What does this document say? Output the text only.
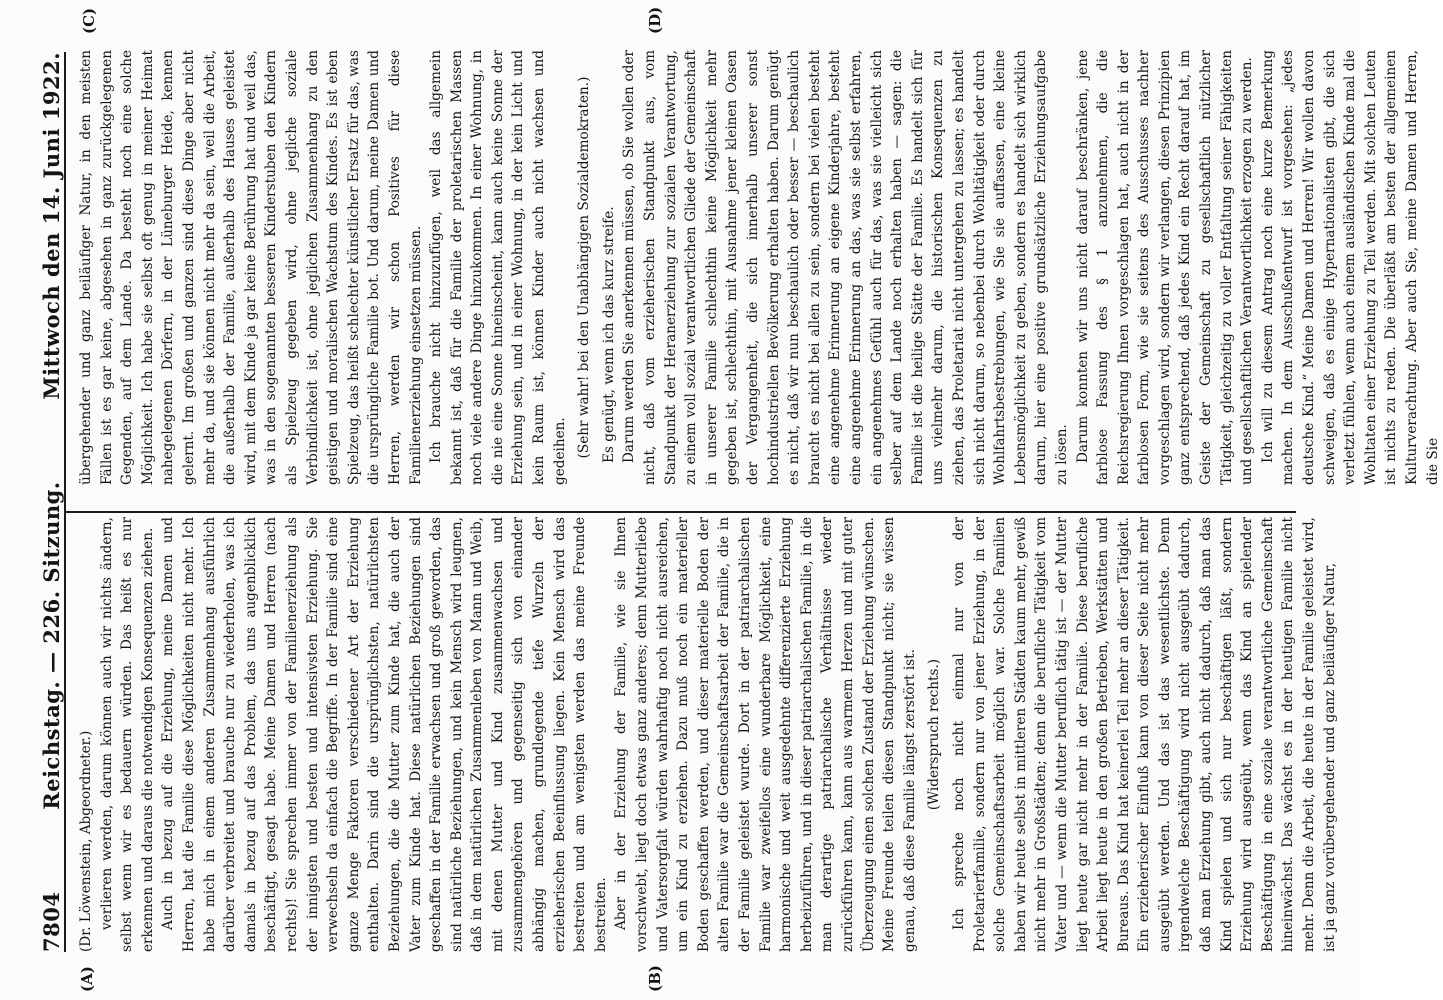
7804
Reichstag. — 226. Sitzung.
Mittwoch den 14. Juni 1922.
(A)	(B)
(C)	(D)

(Dr. Löwenstein, Abgeordneter.) verlieren werden, darum können auch wir nichts ändern, selbst wenn wir es bedauern würden. Das heißt es nur erkennen und daraus die notwendigen Konsequenzen ziehen. Auch in bezug auf die Erziehung, meine Damen und Herren, hat die Familie diese Möglichkeiten nicht mehr. Ich habe mich in einem anderen Zusammenhang ausführlich darüber verbreitet und brauche nur zu wiederholen, was ich damals in bezug auf das Problem, das uns augenblicklich beschäftigt, gesagt habe. Meine Damen und Herren (nach rechts)! Sie sprechen immer von der Familienerziehung als der innigsten und besten und intensivsten Erziehung. Sie verwechseln da einfach die Begriffe. In der Familie sind eine ganze Menge Faktoren verschiedener Art der Erziehung enthalten. Darin sind die ursprünglichsten, natürlichsten Beziehungen, die die Mutter zum Kinde hat, die auch der Vater zum Kinde hat. Diese natürlichen Beziehungen sind geschaffen in der Familie erwachsen und groß geworden, das sind natürliche Beziehungen, und kein Mensch wird leugnen, daß in dem natürlichen Zusammenleben von Mann und Weib, mit denen Mutter und Kind zusammenwachsen und zusammengehören und gegenseitig sich von einander abhängig machen, grundlegende tiefe Wurzeln der erzieherischen Beeinflussung liegen. Kein Mensch wird das bestreiten und am wenigsten werden das meine Freunde bestreiten. Aber in der Erziehung der Familie, wie sie Ihnen vorschwebt, liegt doch etwas ganz anderes; denn Mutterliebe und Vatersorgfalt würden wahrhaftig noch nicht ausreichen, um ein Kind zu erziehen. Dazu muß noch ein materieller Boden geschaffen werden, und dieser materielle Boden der alten Familie war die Gemeinschaftsarbeit der Familie, die in der Familie geleistet wurde. Dort in der patriarchalischen Familie war zweifellos eine wunderbare Möglichkeit, eine harmonische und weit ausgedehnte differenzierte Erziehung herbeizuführen, und in dieser patriarchalischen Familie, in die man derartige patriarchalische Verhältnisse wieder zurückführen kann, kann aus warmem Herzen und mit guter Überzeugung einen solchen Zustand der Erziehung wünschen. Meine Freunde teilen diesen Standpunkt nicht; sie wissen genau, daß diese Familie längst zerstört ist. (Widerspruch rechts.) Ich spreche noch nicht einmal nur von der Proletarierfamilie, sondern nur von jener Erziehung, in der solche Gemeinschaftsarbeit möglich war. Solche Familien haben wir heute selbst in mittleren Städten kaum mehr, gewiß nicht mehr in Großstädten; denn die berufliche Tätigkeit vom Vater und — wenn die Mutter beruflich tätig ist — der Mutter liegt heute gar nicht mehr in der Familie. Diese berufliche Arbeit liegt heute in den großen Betrieben, Werkstätten und Bureaus. Das Kind hat keinerlei Teil mehr an dieser Tätigkeit. Ein erzieherischer Einfluß kann von dieser Seite nicht mehr ausgeübt werden. Und das ist das wesentlichste. Denn irgendwelche Beschäftigung wird nicht ausgeübt dadurch, daß man Erziehung gibt, auch nicht dadurch, daß man das Kind spielen und sich nur beschäftigen läßt, sondern Erziehung wird ausgeübt, wenn das Kind an spielender Beschäftigung in eine soziale verantwortliche Gemeinschaft hineinwächst. Das wächst es in der heutigen Familie nicht mehr. Denn die Arbeit, die heute in der Familie geleistet wird, ist ja ganz vorübergehender und ganz beiläufiger Natur,

übergehender und ganz beiläufiger Natur, in den meisten Fällen ist es gar keine, abgesehen in ganz zurückgelegenen Gegenden, auf dem Lande. Da besteht noch eine solche Möglichkeit. Ich habe sie selbst oft genug in meiner Heimat nahegelegenen Dörfern, in der Lüneburger Heide, kennen gelernt. Im großen und ganzen sind diese Dinge aber nicht mehr da, und sie können nicht mehr da sein, weil die Arbeit, die außerhalb der Familie, außerhalb des Hauses geleistet wird, mit dem Kinde ja gar keine Berührung hat und weil das, was in den sogenannten besseren Kinderstuben den Kindern als Spielzeug gegeben wird, ohne jegliche soziale Verbindlichkeit ist, ohne jeglichen Zusammenhang zu den geistigen und moralischen Wachstum des Kindes. Es ist eben Spielzeug, das heißt schlechter künstlicher Ersatz für das, was die ursprüngliche Familie bot. Und darum, meine Damen und Herren, werden wir schon Positives für diese Familienerziehung einsetzen müssen. Ich brauche nicht hinzuzufügen, weil das allgemein bekannt ist, daß für die Familie der proletarischen Massen noch viele andere Dinge hinzukommen. In einer Wohnung, in die nie eine Sonne hineinscheint, kann auch keine Sonne der Erziehung sein, und in einer Wohnung, in der kein Licht und kein Raum ist, können Kinder auch nicht wachsen und gedeihen. (Sehr wahr! bei den Unabhängigen Sozialdemokraten.) Es genügt, wenn ich das kurz streife. Darum werden Sie anerkennen müssen, ob Sie wollen oder nicht, daß vom erzieherischen Standpunkt aus, vom Standpunkt der Heranerziehung zur sozialen Verantwortung, zu einem voll sozial verantwortlichen Gliede der Gemeinschaft in unserer Familie schlechthin keine Möglichkeit mehr gegeben ist, schlechthin, mit Ausnahme jener kleinen Oasen der Vergangenheit, die sich innerhalb unserer sonst hochindustriellen Bevölkerung erhalten haben. Darum genügt es nicht, daß wir nun beschaulich oder besser — beschaulich braucht es nicht bei allen zu sein, sondern bei vielen besteht eine angenehme Erinnerung an eigene Kinderjahre, besteht eine angenehme Erinnerung an das, was sie selbst erfahren, ein angenehmes Gefühl auch für das, was sie vielleicht sich selber auf dem Lande noch erhalten haben — sagen: die Familie ist die heilige Stätte der Familie. Es handelt sich für uns vielmehr darum, die historischen Konsequenzen zu ziehen, das Proletariat nicht untergehen zu lassen; es handelt sich nicht darum, so nebenbei durch Wohltätigkeit oder durch Wohlfahrtsbestrebungen, wie Sie sie auffassen, eine kleine Lebensmöglichkeit zu geben, sondern es handelt sich wirklich darum, hier eine positive grundsätzliche Erziehungsaufgabe zu lösen. Darum konnten wir uns nicht darauf beschränken, jene farblose Fassung des § 1 anzunehmen, die die Reichsregierung Ihnen vorgeschlagen hat, auch nicht in der farblosen Form, wie sie seitens des Ausschusses nachher vorgeschlagen wird, sondern wir verlangen, diesen Prinzipien ganz entsprechend, daß jedes Kind ein Recht darauf hat, im Geiste der Gemeinschaft zu gesellschaftlich nützlicher Tätigkeit, gleichzeitig zu voller Entfaltung seiner Fähigkeiten und gesellschaftlichen Verantwortlichkeit erzogen zu werden. Ich will zu diesem Antrag noch eine kurze Bemerkung machen. In dem Ausschußentwurf ist vorgesehen: „jedes deutsche Kind.“ Meine Damen und Herren! Wir wollen davon schweigen, daß es einige Hypernationalisten gibt, die sich verletzt fühlen, wenn auch einem ausländischen Kinde mal die Wohltaten einer Erziehung zu Teil werden. Mit solchen Leuten ist nichts zu reden. Die überläßt am besten der allgemeinen Kulturverachtung. Aber auch Sie, meine Damen und Herren, die Sie
